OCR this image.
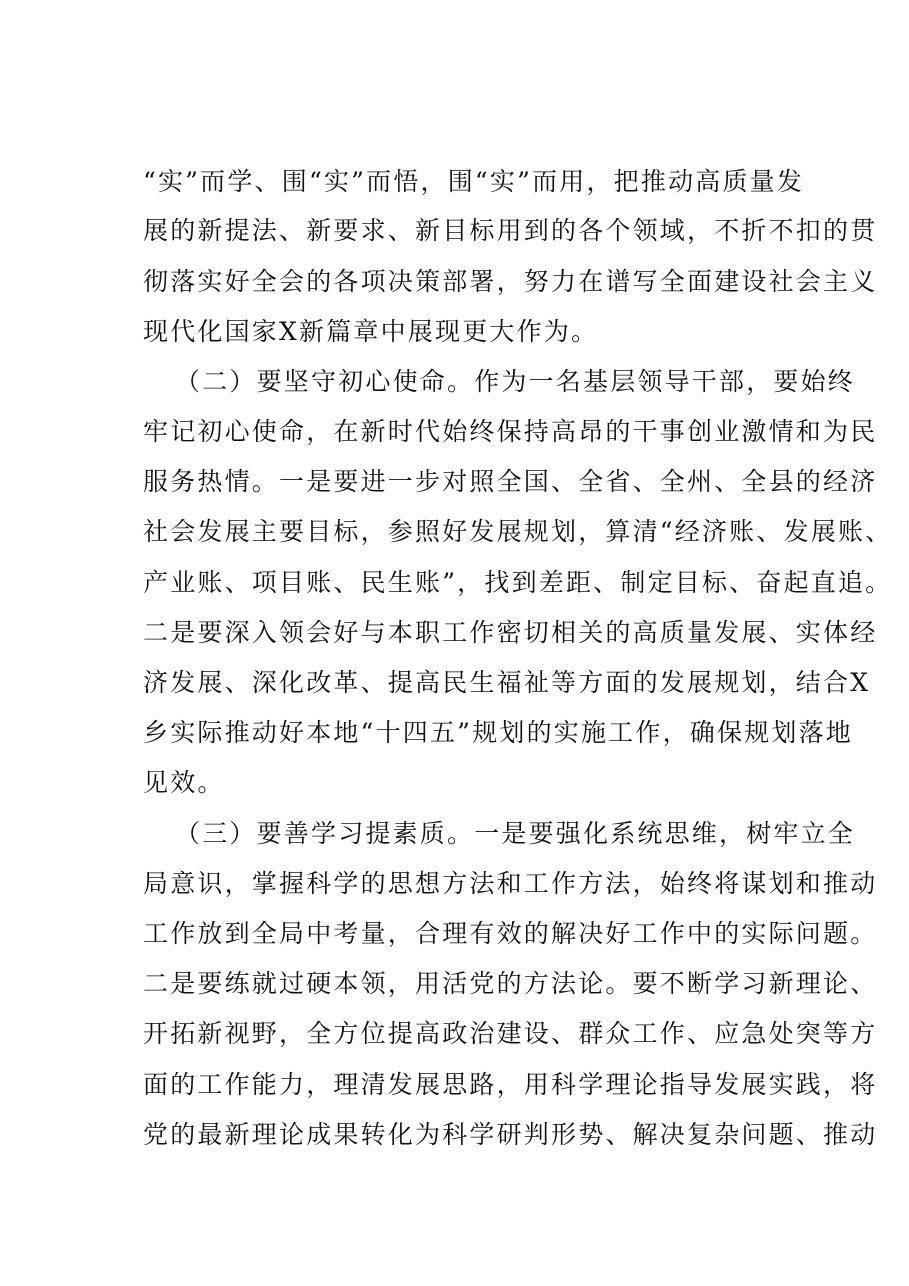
“实”而学、围“实”而悟，围“实”而用，把推动高质量发
展的新提法、新要求、新目标用到的各个领域，不折不扣的贯
彻落实好全会的各项决策部署，努力在谱写全面建设社会主义
现代化国家X新篇章中展现更大作为。
（二）要坚守初心使命。作为一名基层领导干部，要始终
牢记初心使命，在新时代始终保持高昂的干事创业激情和为民
服务热情。一是要进一步对照全国、全省、全州、全县的经济
社会发展主要目标，参照好发展规划，算清“经济账、发展账、
产业账、项目账、民生账”，找到差距、制定目标、奋起直追。
二是要深入领会好与本职工作密切相关的高质量发展、实体经
济发展、深化改革、提高民生福祉等方面的发展规划，结合X
乡实际推动好本地“十四五”规划的实施工作，确保规划落地
见效。
（三）要善学习提素质。一是要强化系统思维，树牢立全
局意识，掌握科学的思想方法和工作方法，始终将谋划和推动
工作放到全局中考量，合理有效的解决好工作中的实际问题。
二是要练就过硬本领，用活党的方法论。要不断学习新理论、
开拓新视野，全方位提高政治建设、群众工作、应急处突等方
面的工作能力，理清发展思路，用科学理论指导发展实践，将
党的最新理论成果转化为科学研判形势、解决复杂问题、推动
